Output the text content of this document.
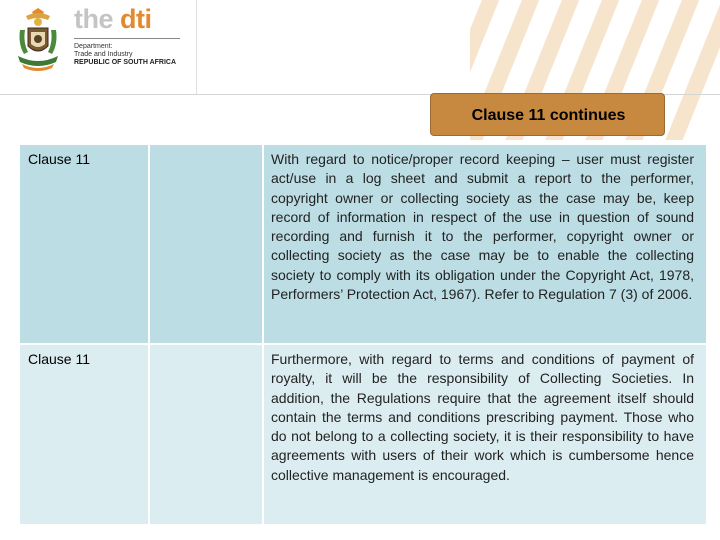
the dti
Department:
Trade and Industry
REPUBLIC OF SOUTH AFRICA
Clause 11 continues
Clause 11	With regard to notice/proper record keeping – user must register act/use in a log sheet and submit a report to the performer, copyright owner or collecting society as the case may be, keep record of information in respect of the use in question of sound recording and furnish it to the performer, copyright owner or collecting society as the case may be to enable the collecting society to comply with its obligation under the Copyright Act, 1978, Performers’ Protection Act, 1967). Refer to Regulation 7 (3) of 2006.
Clause 11	Furthermore, with regard to terms and conditions of payment of royalty, it will be the responsibility of Collecting Societies. In addition, the Regulations require that the agreement itself should contain the terms and conditions prescribing payment. Those who do not belong to a collecting society, it is their responsibility to have agreements with users of their work which is cumbersome hence collective management is encouraged.
